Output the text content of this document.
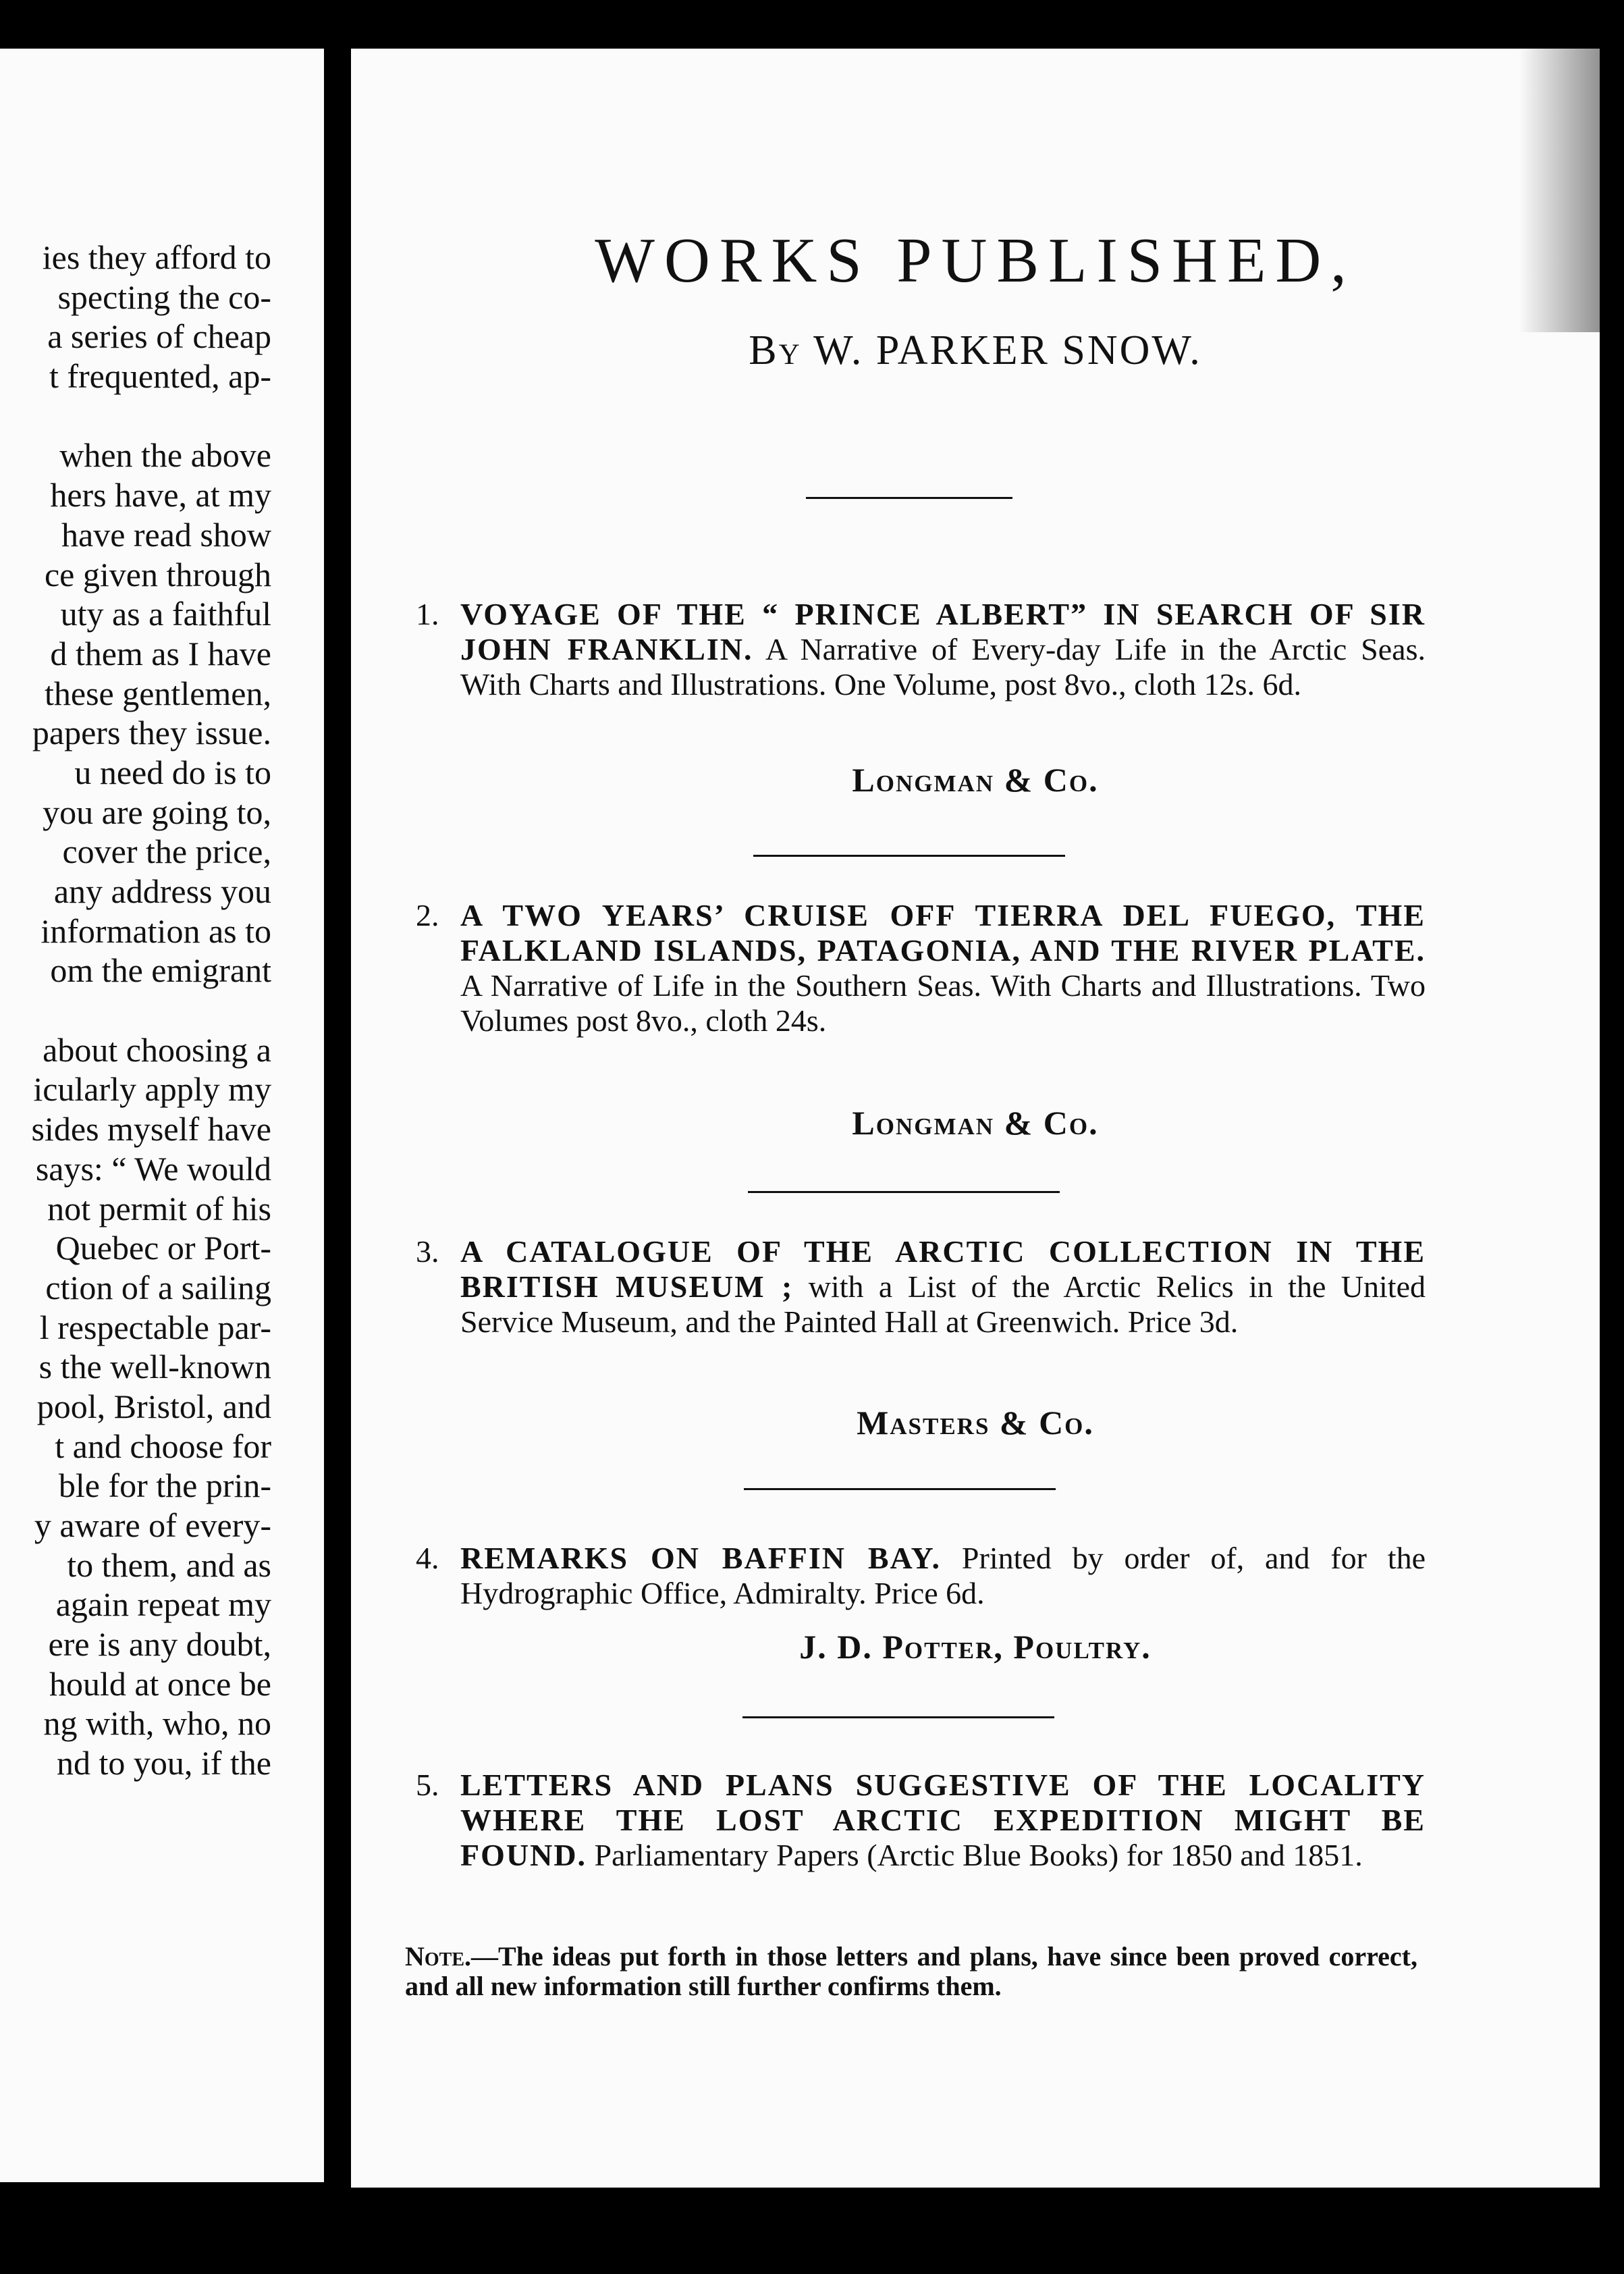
ies they afford to
specting the co-
a series of cheap
t frequented, ap-
when the above
hers have, at my
have read show
ce given through
uty as a faithful
d them as I have
these gentlemen,
papers they issue.
u need do is to
you are going to,
cover the price,
any address you
information as to
om the emigrant
about choosing a
icularly apply my
sides myself have
says: “ We would
not permit of his
Quebec or Port-
ction of a sailing
l respectable par-
s the well-known
pool, Bristol, and
t and choose for
ble for the prin-
y aware of every-
to them, and as
again repeat my
ere is any doubt,
hould at once be
ng with, who, no
nd to you, if the
WORKS PUBLISHED,
By W. PARKER SNOW.
1. VOYAGE OF THE “ PRINCE ALBERT” IN SEARCH OF SIR JOHN FRANKLIN. A Narrative of Every-day Life in the Arctic Seas. With Charts and Illustrations. One Volume, post 8vo., cloth 12s. 6d.
Longman & Co.
2. A TWO YEARS’ CRUISE OFF TIERRA DEL FUEGO, THE FALKLAND ISLANDS, PATAGONIA, AND THE RIVER PLATE. A Narrative of Life in the Southern Seas. With Charts and Illustrations. Two Volumes post 8vo., cloth 24s.
Longman & Co.
3. A CATALOGUE OF THE ARCTIC COLLECTION IN THE BRITISH MUSEUM ; with a List of the Arctic Relics in the United Service Museum, and the Painted Hall at Greenwich. Price 3d.
Masters & Co.
4. REMARKS ON BAFFIN BAY. Printed by order of, and for the Hydrographic Office, Admiralty. Price 6d.
J. D. Potter, Poultry.
5. LETTERS AND PLANS SUGGESTIVE OF THE LOCALITY WHERE THE LOST ARCTIC EXPEDITION MIGHT BE FOUND. Parliamentary Papers (Arctic Blue Books) for 1850 and 1851.
Note.—The ideas put forth in those letters and plans, have since been proved correct, and all new information still further confirms them.
